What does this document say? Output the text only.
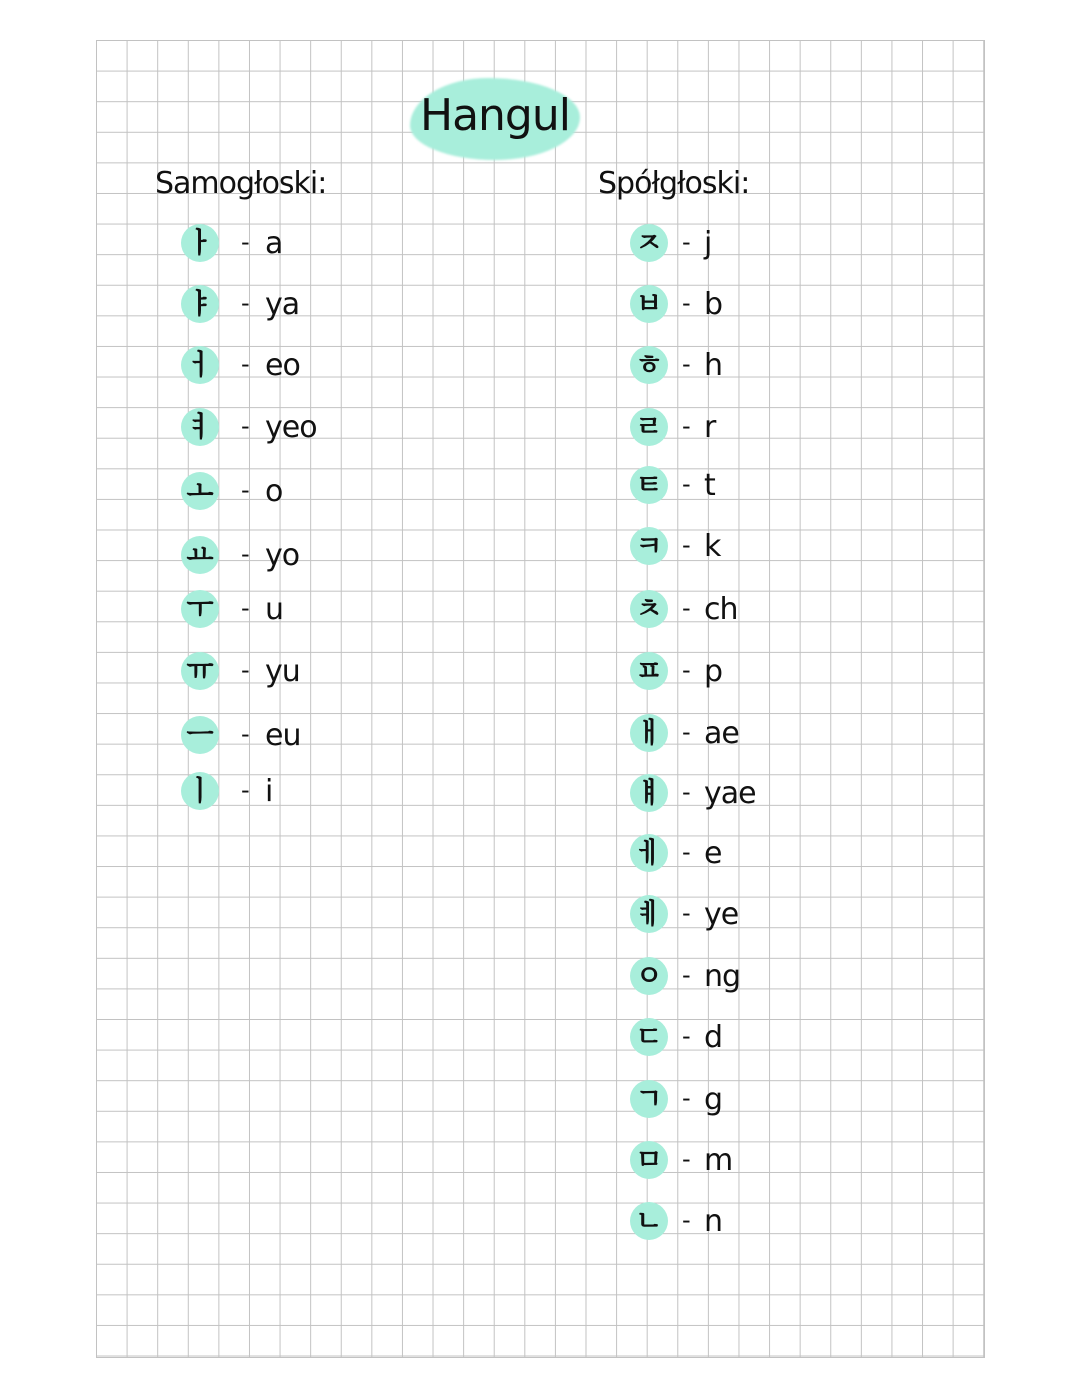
Hangul
Samogłoski:	Spółgłoski:
ㅏ - a
ㅑ - ya
ㅓ - eo
ㅕ - yeo
ㅗ - o
ㅛ - yo
ㅜ - u
ㅠ - yu
ㅡ - eu
ㅣ - i
ㅈ - j
ㅂ - b
ㅎ - h
ㄹ - r
ㅌ - t
ㅋ - k
ㅊ - ch
ㅍ - p
ㅐ - ae
ㅒ - yae
ㅔ - e
ㅖ - ye
ㅇ - ng
ㄷ - d
ㄱ - g
ㅁ - m
ㄴ - n
